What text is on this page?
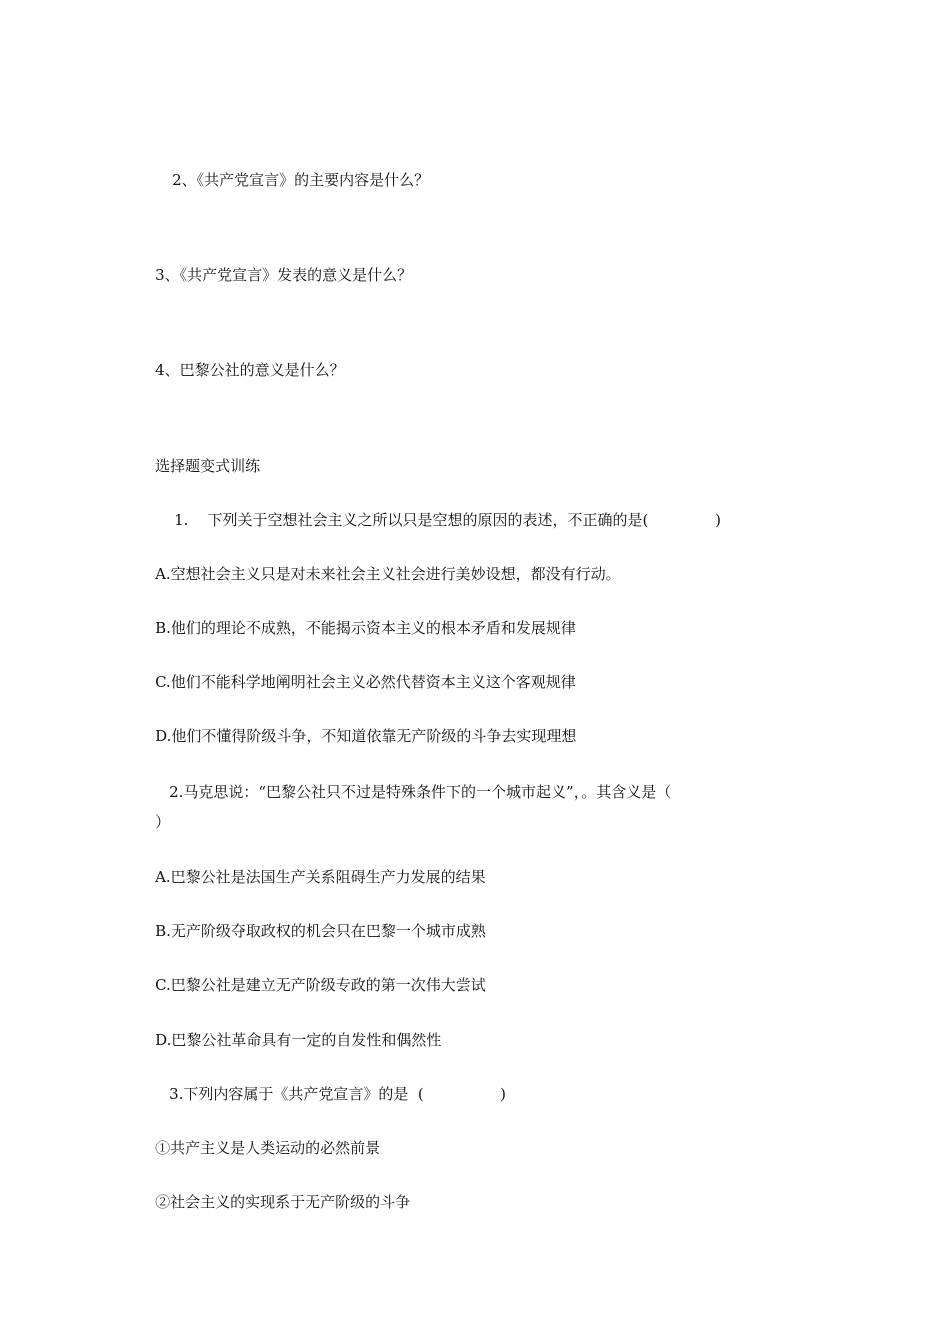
2、《共产党宣言》的主要内容是什么？

3、《共产党宣言》发表的意义是什么？

4、巴黎公社的意义是什么？

选择题变式训练

1.    下列关于空想社会主义之所以只是空想的原因的表述，不正确的是(              )

A.空想社会主义只是对未来社会主义社会进行美妙设想，都没有行动。

B.他们的理论不成熟，不能揭示资本主义的根本矛盾和发展规律

C.他们不能科学地阐明社会主义必然代替资本主义这个客观规律

D.他们不懂得阶级斗争，不知道依靠无产阶级的斗争去实现理想

2.马克思说：“巴黎公社只不过是特殊条件下的一个城市起义”，。其含义是（

）

A.巴黎公社是法国生产关系阻碍生产力发展的结果

B.无产阶级夺取政权的机会只在巴黎一个城市成熟

C.巴黎公社是建立无产阶级专政的第一次伟大尝试

D.巴黎公社革命具有一定的自发性和偶然性

3.下列内容属于《共产党宣言》的是  (                )

①共产主义是人类运动的必然前景

②社会主义的实现系于无产阶级的斗争
